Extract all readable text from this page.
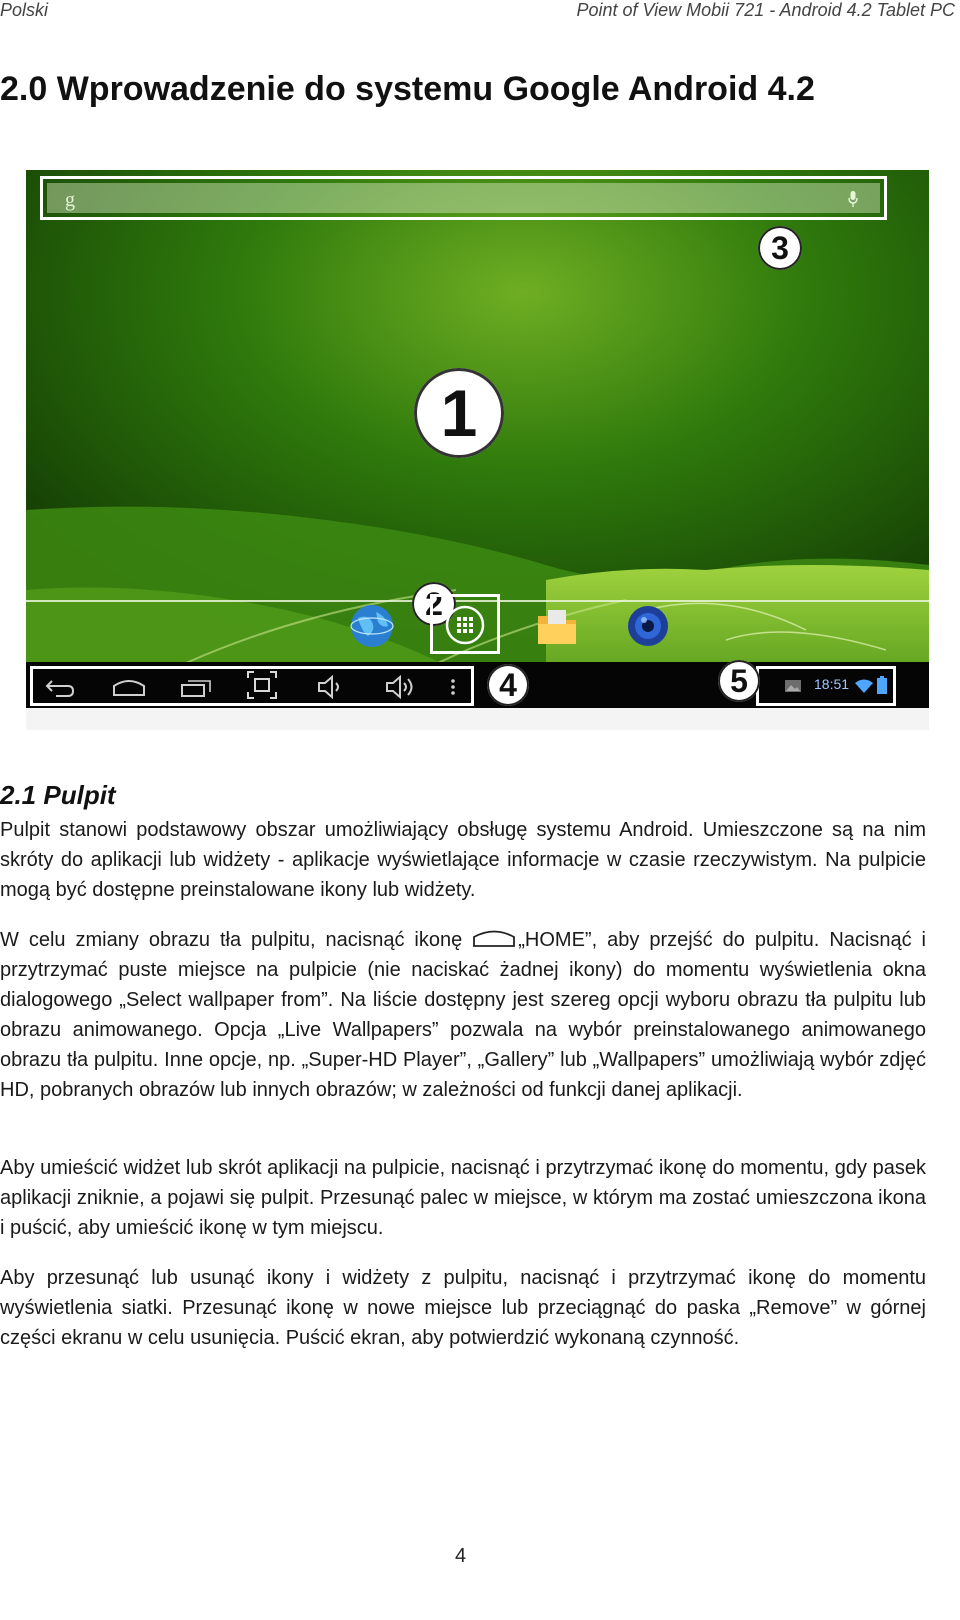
Polski	Point of View Mobii 721 - Android 4.2 Tablet PC
2.0 Wprowadzenie do systemu Google Android 4.2
g
1
2
3
4	5	18:51
2.1 Pulpit

Pulpit stanowi podstawowy obszar umożliwiający obsługę systemu Android. Umieszczone są na nim skróty do aplikacji lub widżety - aplikacje wyświetlające informacje w czasie rzeczywistym. Na pulpicie mogą być dostępne preinstalowane ikony lub widżety.

W celu zmiany obrazu tła pulpitu, nacisnąć ikonę	„HOME”, aby przejść do pulpitu. Nacisnąć i przytrzymać puste miejsce na pulpicie (nie naciskać żadnej ikony) do momentu wyświetlenia okna dialogowego „Select wallpaper from”. Na liście dostępny jest szereg opcji wyboru obrazu tła pulpitu lub obrazu animowanego. Opcja „Live Wallpapers” pozwala na wybór preinstalowanego animowanego obrazu tła pulpitu. Inne opcje, np. „Super-HD Player”, „Gallery” lub „Wallpapers” umożliwiają wybór zdjęć HD, pobranych obrazów lub innych obrazów; w zależności od funkcji danej aplikacji.

Aby umieścić widżet lub skrót aplikacji na pulpicie, nacisnąć i przytrzymać ikonę do momentu, gdy pasek aplikacji zniknie, a pojawi się pulpit. Przesunąć palec w miejsce, w którym ma zostać umieszczona ikona i puścić, aby umieścić ikonę w tym miejscu.

Aby przesunąć lub usunąć ikony i widżety z pulpitu, nacisnąć i przytrzymać ikonę do momentu wyświetlenia siatki. Przesunąć ikonę w nowe miejsce lub przeciągnąć do paska „Remove” w górnej części ekranu w celu usunięcia. Puścić ekran, aby potwierdzić wykonaną czynność.

4
